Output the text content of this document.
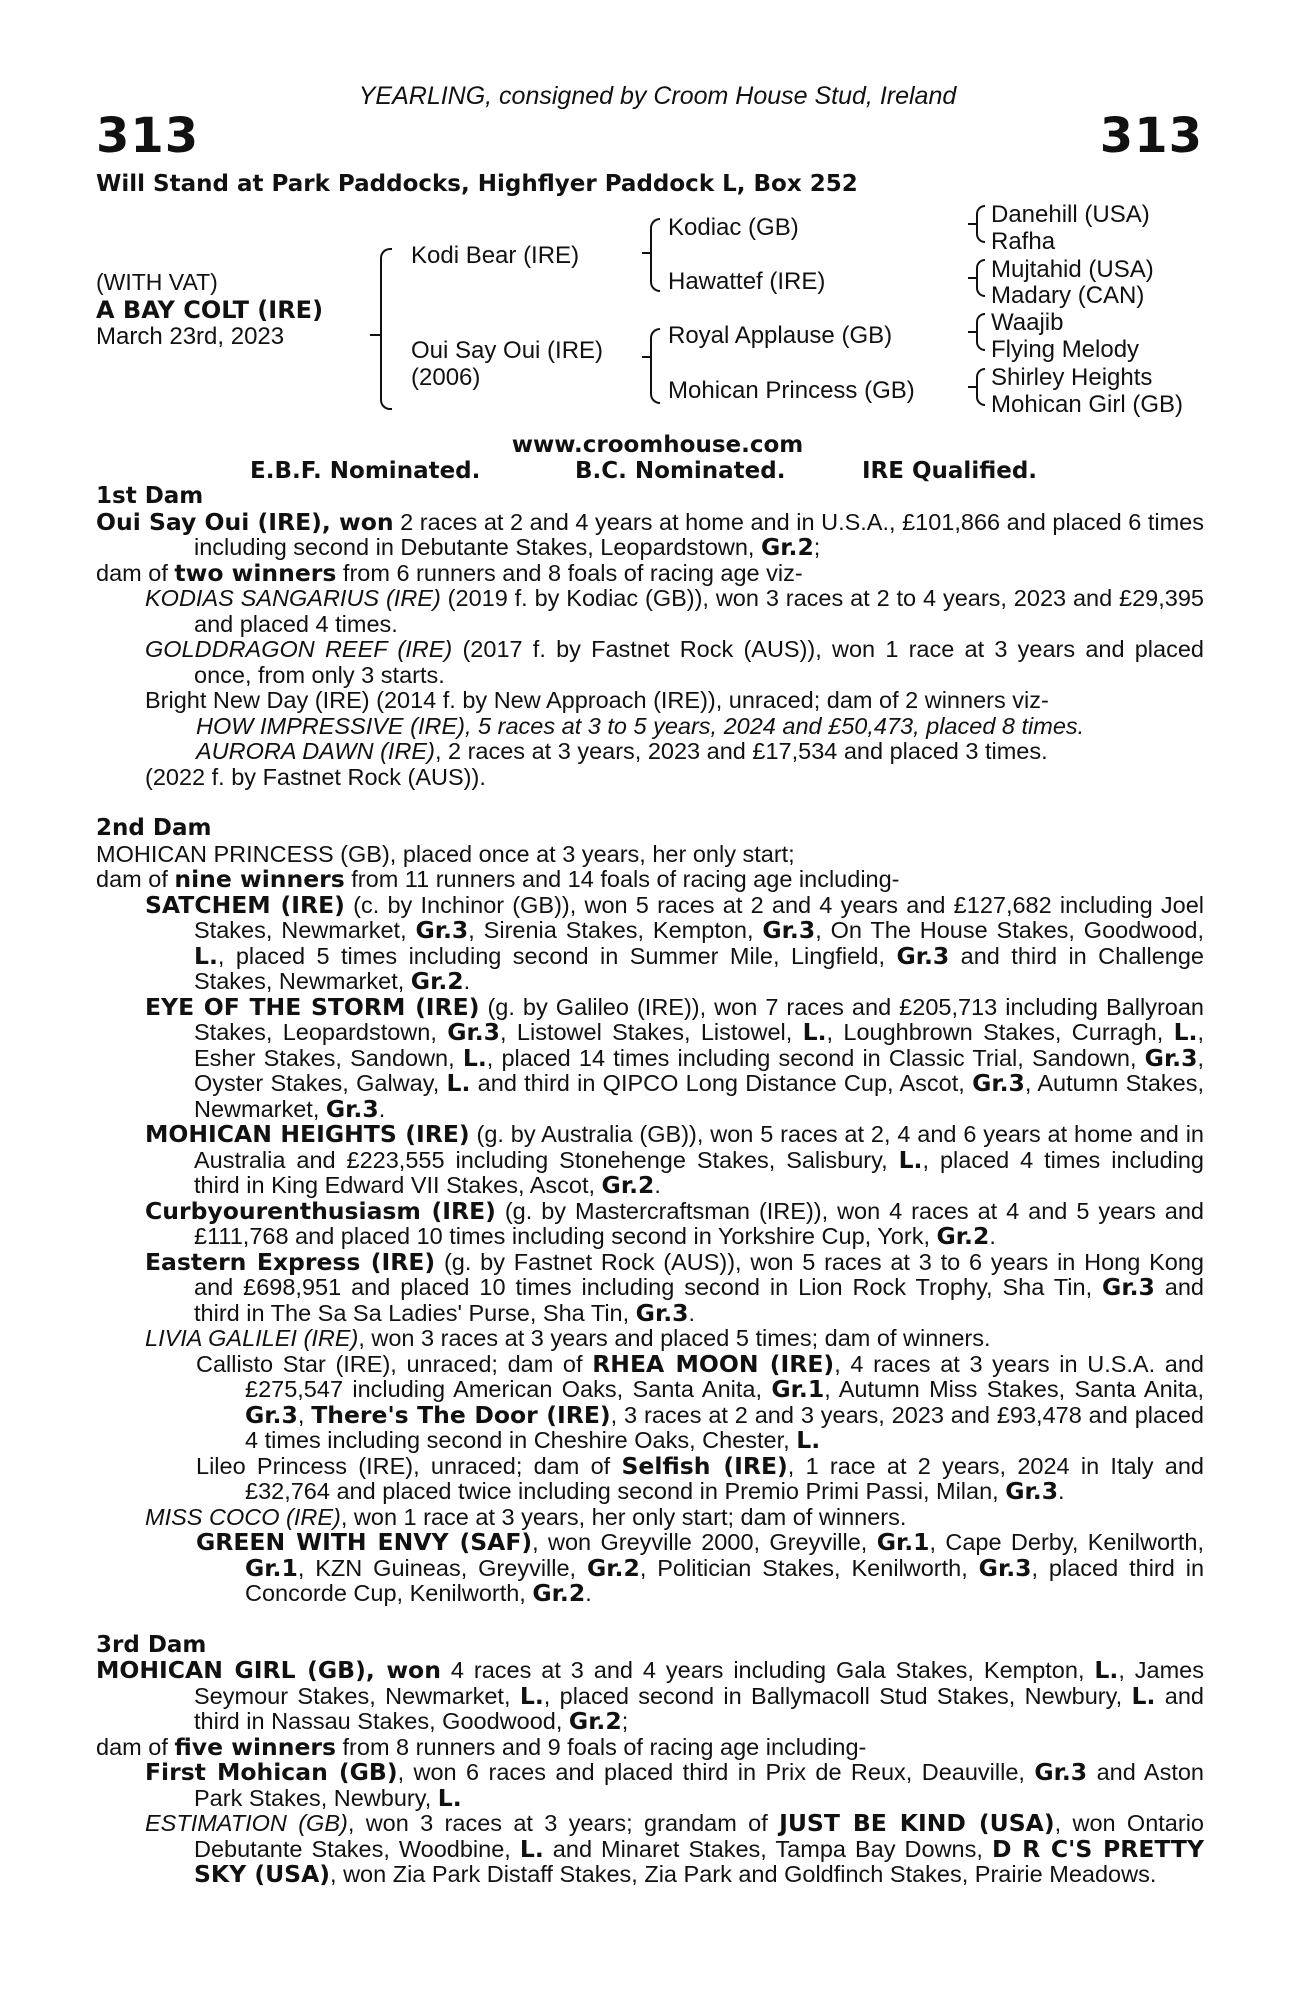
YEARLING, consigned by Croom House Stud, Ireland
313	313
Will Stand at Park Paddocks, Highflyer Paddock L, Box 252
(WITH VAT)
A BAY COLT (IRE)
March 23rd, 2023
Kodi Bear (IRE)
Oui Say Oui (IRE)
(2006)
Kodiac (GB)
Hawattef (IRE)
Royal Applause (GB)
Mohican Princess (GB)
Danehill (USA)
Rafha
Mujtahid (USA)
Madary (CAN)
Waajib
Flying Melody
Shirley Heights
Mohican Girl (GB)
www.croomhouse.com
E.B.F. Nominated.	B.C. Nominated.	IRE Qualified.
1st Dam
Oui Say Oui (IRE), won 2 races at 2 and 4 years at home and in U.S.A., £101,866 and placed 6 times including second in Debutante Stakes, Leopardstown, Gr.2;
dam of two winners from 6 runners and 8 foals of racing age viz-
KODIAS SANGARIUS (IRE) (2019 f. by Kodiac (GB)), won 3 races at 2 to 4 years, 2023 and £29,395 and placed 4 times.
GOLDDRAGON REEF (IRE) (2017 f. by Fastnet Rock (AUS)), won 1 race at 3 years and placed once, from only 3 starts.
Bright New Day (IRE) (2014 f. by New Approach (IRE)), unraced; dam of 2 winners viz-
HOW IMPRESSIVE (IRE), 5 races at 3 to 5 years, 2024 and £50,473, placed 8 times.
AURORA DAWN (IRE), 2 races at 3 years, 2023 and £17,534 and placed 3 times.
(2022 f. by Fastnet Rock (AUS)).
2nd Dam
MOHICAN PRINCESS (GB), placed once at 3 years, her only start;
dam of nine winners from 11 runners and 14 foals of racing age including-
SATCHEM (IRE) (c. by Inchinor (GB)), won 5 races at 2 and 4 years and £127,682 including Joel Stakes, Newmarket, Gr.3, Sirenia Stakes, Kempton, Gr.3, On The House Stakes, Goodwood, L., placed 5 times including second in Summer Mile, Lingfield, Gr.3 and third in Challenge Stakes, Newmarket, Gr.2.
EYE OF THE STORM (IRE) (g. by Galileo (IRE)), won 7 races and £205,713 including Ballyroan Stakes, Leopardstown, Gr.3, Listowel Stakes, Listowel, L., Loughbrown Stakes, Curragh, L., Esher Stakes, Sandown, L., placed 14 times including second in Classic Trial, Sandown, Gr.3, Oyster Stakes, Galway, L. and third in QIPCO Long Distance Cup, Ascot, Gr.3, Autumn Stakes, Newmarket, Gr.3.
MOHICAN HEIGHTS (IRE) (g. by Australia (GB)), won 5 races at 2, 4 and 6 years at home and in Australia and £223,555 including Stonehenge Stakes, Salisbury, L., placed 4 times including third in King Edward VII Stakes, Ascot, Gr.2.
Curbyourenthusiasm (IRE) (g. by Mastercraftsman (IRE)), won 4 races at 4 and 5 years and £111,768 and placed 10 times including second in Yorkshire Cup, York, Gr.2.
Eastern Express (IRE) (g. by Fastnet Rock (AUS)), won 5 races at 3 to 6 years in Hong Kong and £698,951 and placed 10 times including second in Lion Rock Trophy, Sha Tin, Gr.3 and third in The Sa Sa Ladies' Purse, Sha Tin, Gr.3.
LIVIA GALILEI (IRE), won 3 races at 3 years and placed 5 times; dam of winners.
Callisto Star (IRE), unraced; dam of RHEA MOON (IRE), 4 races at 3 years in U.S.A. and £275,547 including American Oaks, Santa Anita, Gr.1, Autumn Miss Stakes, Santa Anita, Gr.3, There's The Door (IRE), 3 races at 2 and 3 years, 2023 and £93,478 and placed 4 times including second in Cheshire Oaks, Chester, L.
Lileo Princess (IRE), unraced; dam of Selfish (IRE), 1 race at 2 years, 2024 in Italy and £32,764 and placed twice including second in Premio Primi Passi, Milan, Gr.3.
MISS COCO (IRE), won 1 race at 3 years, her only start; dam of winners.
GREEN WITH ENVY (SAF), won Greyville 2000, Greyville, Gr.1, Cape Derby, Kenilworth, Gr.1, KZN Guineas, Greyville, Gr.2, Politician Stakes, Kenilworth, Gr.3, placed third in Concorde Cup, Kenilworth, Gr.2.
3rd Dam
MOHICAN GIRL (GB), won 4 races at 3 and 4 years including Gala Stakes, Kempton, L., James Seymour Stakes, Newmarket, L., placed second in Ballymacoll Stud Stakes, Newbury, L. and third in Nassau Stakes, Goodwood, Gr.2;
dam of five winners from 8 runners and 9 foals of racing age including-
First Mohican (GB), won 6 races and placed third in Prix de Reux, Deauville, Gr.3 and Aston Park Stakes, Newbury, L.
ESTIMATION (GB), won 3 races at 3 years; grandam of JUST BE KIND (USA), won Ontario Debutante Stakes, Woodbine, L. and Minaret Stakes, Tampa Bay Downs, D R C'S PRETTY SKY (USA), won Zia Park Distaff Stakes, Zia Park and Goldfinch Stakes, Prairie Meadows.
